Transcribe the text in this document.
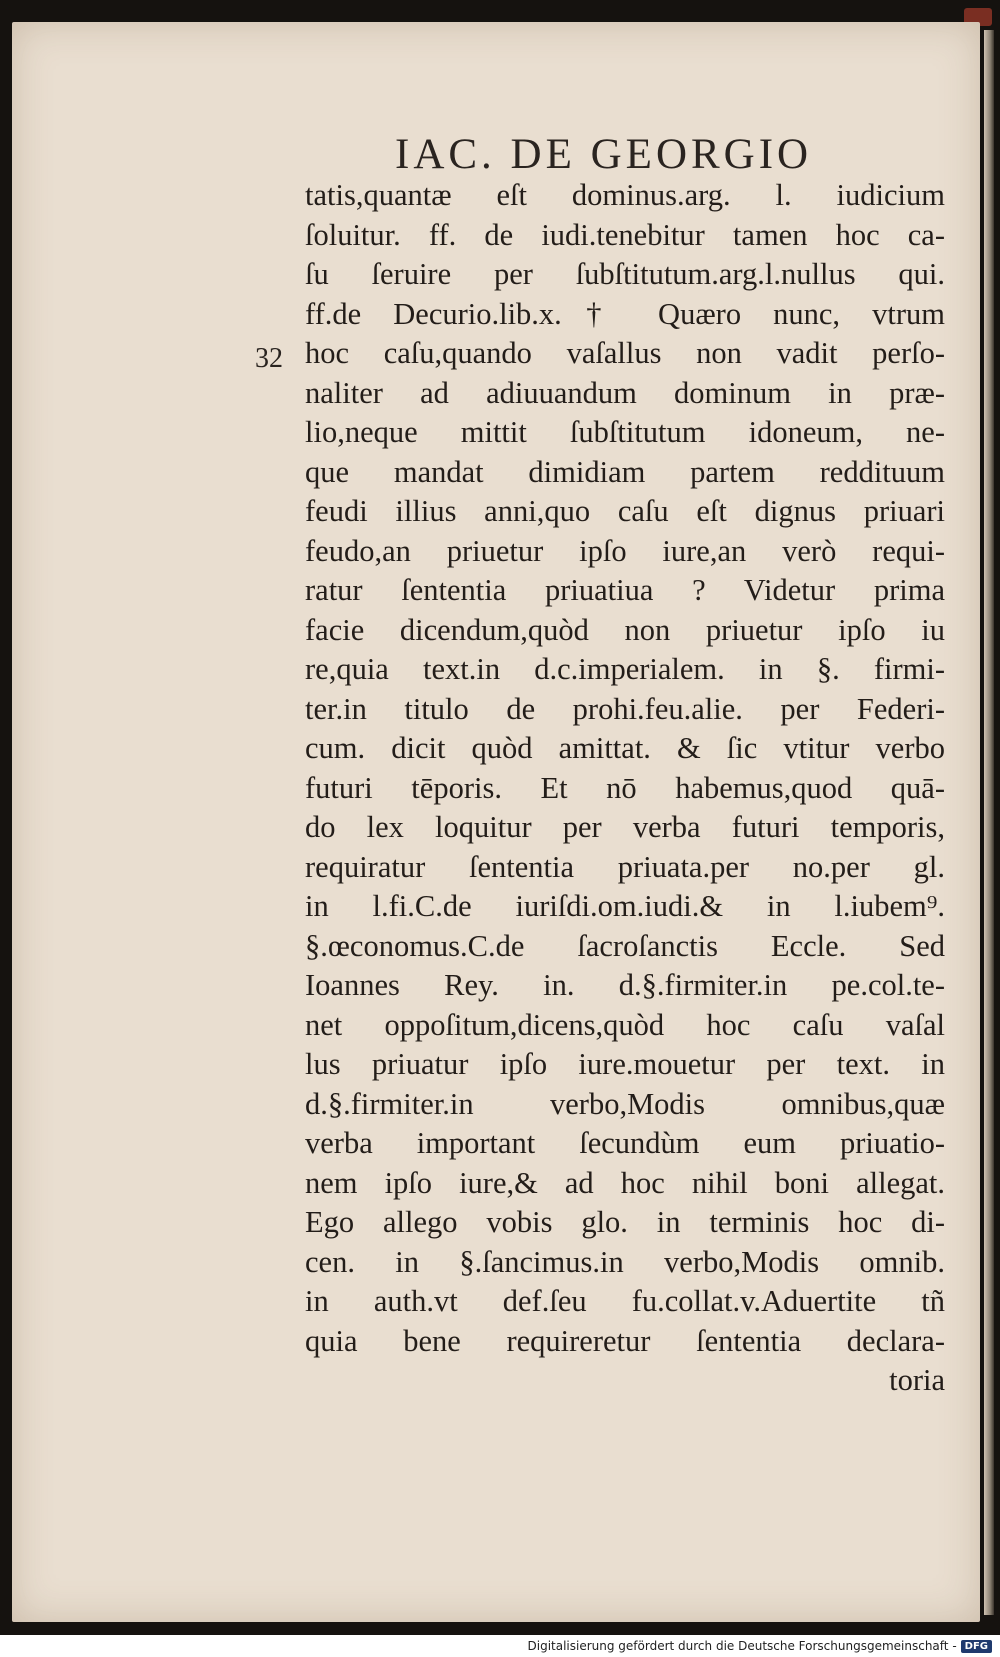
IAC. DE GEORGIO
32
tatis,quantæ eſt dominus.arg. l. iudicium
ſoluitur. ff. de iudi.tenebitur tamen hoc ca-
ſu ſeruire per ſubſtitutum.arg.l.nullus qui.
ff.de Decurio.lib.x.† Quæro nunc, vtrum
hoc caſu,quando vaſallus non vadit perſo-
naliter ad adiuuandum dominum in præ-
lio,neque mittit ſubſtitutum idoneum, ne-
que mandat dimidiam partem reddituum
feudi illius anni,quo caſu eſt dignus priuari
feudo,an priuetur ipſo iure,an verò requi-
ratur ſententia priuatiua ? Videtur prima
facie dicendum,quòd non priuetur ipſo iu
re,quia text.in d.c.imperialem. in §. firmi-
ter.in titulo de prohi.feu.alie. per Federi-
cum. dicit quòd amittat. & ſic vtitur verbo
futuri tēporis. Et nō habemus,quod quā-
do lex loquitur per verba futuri temporis,
requiratur ſententia priuata.per no.per gl.
in l.fi.C.de iuriſdi.om.iudi.& in l.iubem⁹.
§.œconomus.C.de ſacroſanctis Eccle. Sed
Ioannes Rey. in. d.§.firmiter.in pe.col.te-
net oppoſitum,dicens,quòd hoc caſu vaſal
lus priuatur ipſo iure.mouetur per text. in
d.§.firmiter.in verbo,Modis omnibus,quæ
verba important ſecundùm eum priuatio-
nem ipſo iure,& ad hoc nihil boni allegat.
Ego allego vobis glo. in terminis hoc di-
cen. in §.ſancimus.in verbo,Modis omnib.
in auth.vt def.ſeu fu.collat.v.Aduertite tñ
quia bene requireretur ſententia declara-
toria
Digitalisierung gefördert durch die Deutsche Forschungsgemeinschaft - DFG
